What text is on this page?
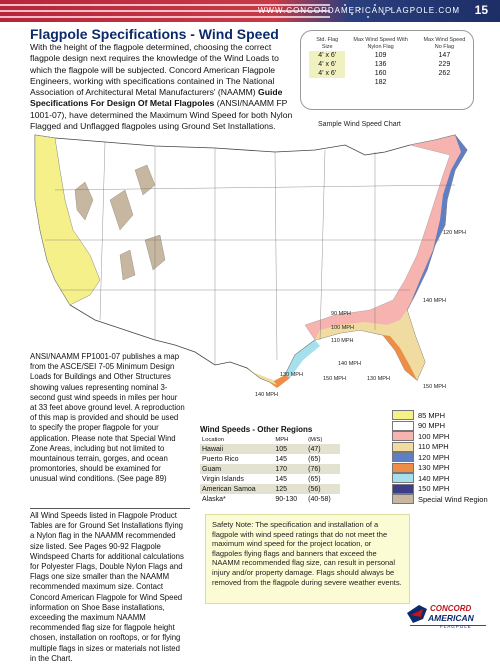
WWW.CONCORDAMERICANFLAGPOLE.COM 15
Flagpole Specifications - Wind Speed
With the height of the flagpole determined, choosing the correct flagpole design next requires the knowledge of the Wind Loads to which the flagpole will be subjected. Concord American Flagpole Engineers, working with specifications contained in The National Association of Architectural Metal Manufacturers' (NAAMM) Guide Specifications For Design Of Metal Flagpoles (ANSI/NAAMM FP 1001-07), have determined the Maximum Wind Speed for both Nylon Flagged and Unflagged flagpoles using Ground Set Installations.
Std. Flag Size	Max Wind Speed With Nylon Flag	Max Wind Speed No Flag
4' x 6'	109	147
4' x 6'	136	229
4' x 6'	160	262
	182	
Sample Wind Speed Chart
120 MPH
140 MPH
90 MPH
100 MPH
110 MPH
130 MPH
140 MPH
150 MPH	130 MPH
150 MPH
140 MPH
ANSI/NAAMM FP1001-07 publishes a map from the ASCE/SEI 7-05 Minimum Design Loads for Buildings and Other Structures showing values representing nominal 3-second gust wind speeds in miles per hour at 33 feet above ground level. A reproduction of this map is provided and should be used to specify the proper flagpole for your application. Please note that Special Wind Zone Areas, including but not limited to mountainous terrain, gorges, and ocean promontories, should be examined for unusual wind conditions. (See page 89)
All Wind Speeds listed in Flagpole Product Tables are for Ground Set Installations flying a Nylon flag in the NAAMM recommended size listed. See Pages 90-92 Flagpole Windspeed Charts for additional calculations for Polyester Flags, Double Nylon Flags and Flags one size smaller than the NAAMM recommended maximum size. Contact Concord American Flagpole for Wind Speed information on Shoe Base installations, exceeding the maximum NAAMM recommended flag size for flagpole height chosen, installation on rooftops, or for flying multiple flags in sizes or materials not listed in the Chart.
Wind Speeds - Other Regions
Location	MPH	(M/S)
Hawaii	105	(47)
Puerto Rico	145	(65)
Guam	170	(76)
Virgin Islands	145	(65)
American Samoa	125	(56)
Alaska*	90-130	(40-58)
85 MPH
90 MPH
100 MPH
110 MPH
120 MPH
130 MPH
140 MPH
150 MPH
Special Wind Region
Safety Note: The specification and installation of a flagpole with wind speed ratings that do not meet the maximum wind speed for the project location, or flagpoles flying flags and banners that exceed the NAAMM recommended flag size, can result in personal injury and/or property damage. Flags should always be removed from the flagpole during severe weather events.
CONCORD
AMERICAN
FLAGPOLE
